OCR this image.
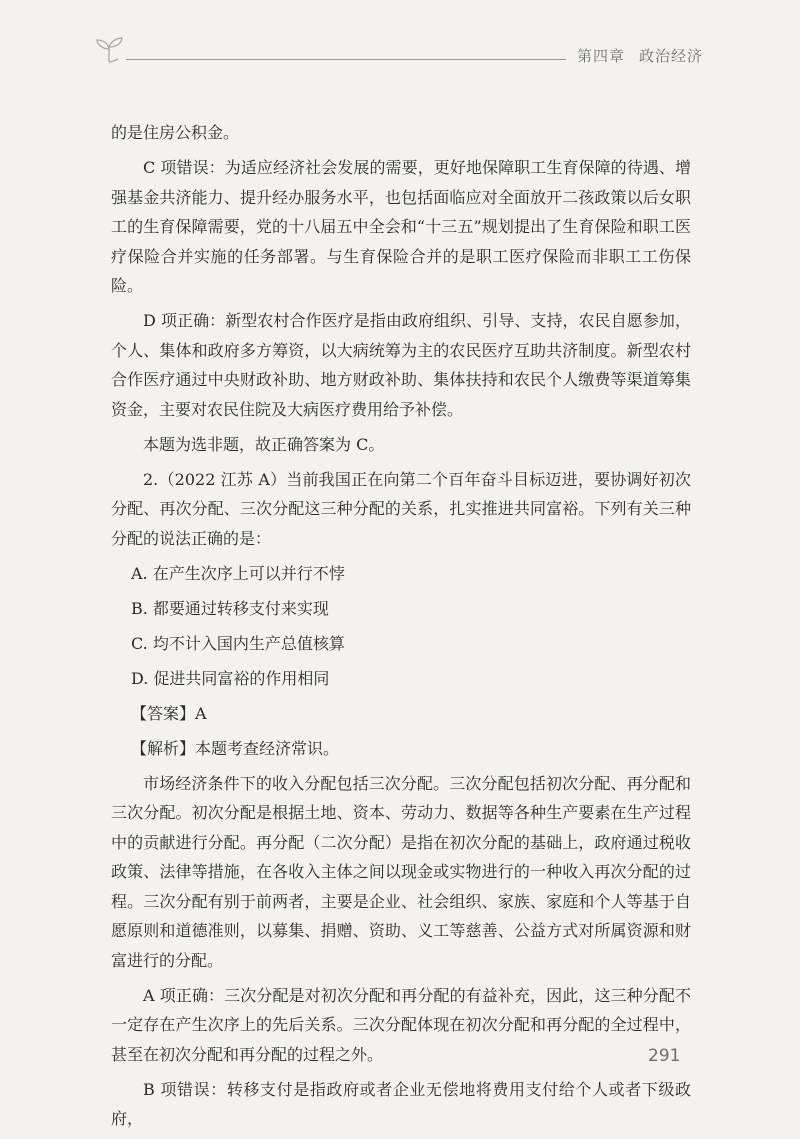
第四章 政治经济

的是住房公积金。

C 项错误：为适应经济社会发展的需要，更好地保障职工生育保障的待遇、增强基金共济能力、提升经办服务水平，也包括面临应对全面放开二孩政策以后女职工的生育保障需要，党的十八届五中全会和“十三五”规划提出了生育保险和职工医疗保险合并实施的任务部署。与生育保险合并的是职工医疗保险而非职工工伤保险。

D 项正确：新型农村合作医疗是指由政府组织、引导、支持，农民自愿参加，个人、集体和政府多方筹资，以大病统筹为主的农民医疗互助共济制度。新型农村合作医疗通过中央财政补助、地方财政补助、集体扶持和农民个人缴费等渠道筹集资金，主要对农民住院及大病医疗费用给予补偿。

本题为选非题，故正确答案为 C。

2.（2022 江苏 A）当前我国正在向第二个百年奋斗目标迈进，要协调好初次分配、再次分配、三次分配这三种分配的关系，扎实推进共同富裕。下列有关三种分配的说法正确的是：

A. 在产生次序上可以并行不悖

B. 都要通过转移支付来实现

C. 均不计入国内生产总值核算

D. 促进共同富裕的作用相同

【答案】A

【解析】本题考查经济常识。

市场经济条件下的收入分配包括三次分配。三次分配包括初次分配、再分配和三次分配。初次分配是根据土地、资本、劳动力、数据等各种生产要素在生产过程中的贡献进行分配。再分配（二次分配）是指在初次分配的基础上，政府通过税收政策、法律等措施，在各收入主体之间以现金或实物进行的一种收入再次分配的过程。三次分配有别于前两者，主要是企业、社会组织、家族、家庭和个人等基于自愿原则和道德准则，以募集、捐赠、资助、义工等慈善、公益方式对所属资源和财富进行的分配。

A 项正确：三次分配是对初次分配和再分配的有益补充，因此，这三种分配不一定存在产生次序上的先后关系。三次分配体现在初次分配和再分配的全过程中，甚至在初次分配和再分配的过程之外。

B 项错误：转移支付是指政府或者企业无偿地将费用支付给个人或者下级政府，

291
